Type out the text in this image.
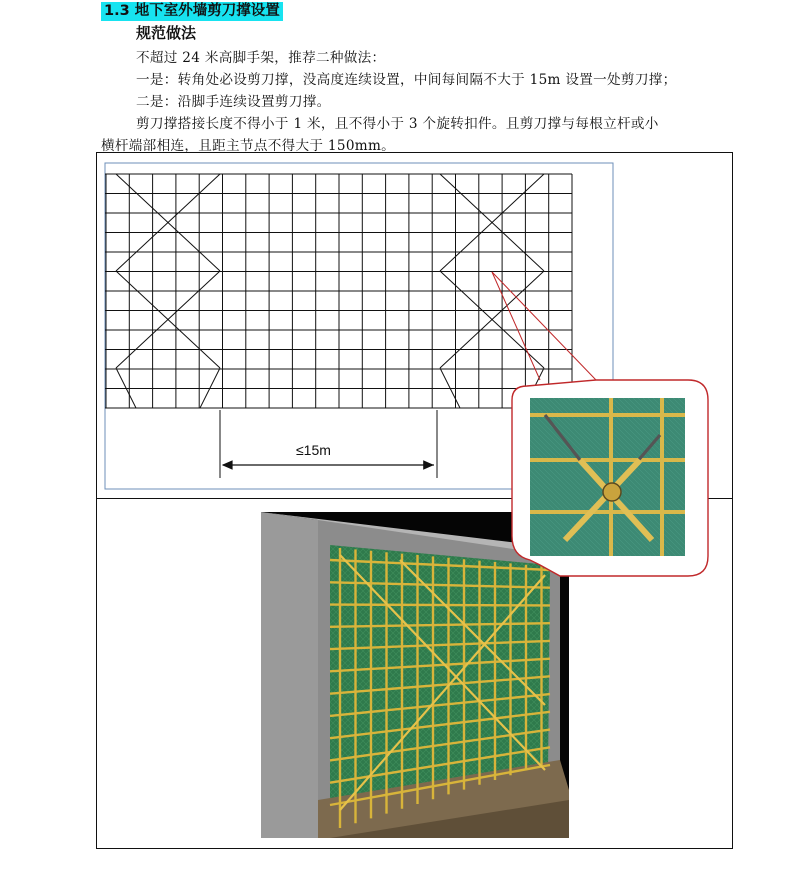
1.3 地下室外墙剪刀撑设置
规范做法
不超过 24 米高脚手架，推荐二种做法：
一是：转角处必设剪刀撑，没高度连续设置，中间每间隔不大于 15m 设置一处剪刀撑；
二是：沿脚手连续设置剪刀撑。
剪刀撑搭接长度不得小于 1 米，且不得小于 3 个旋转扣件。且剪刀撑与每根立杆或小
横杆端部相连，且距主节点不得大于 150mm。
≤15m
